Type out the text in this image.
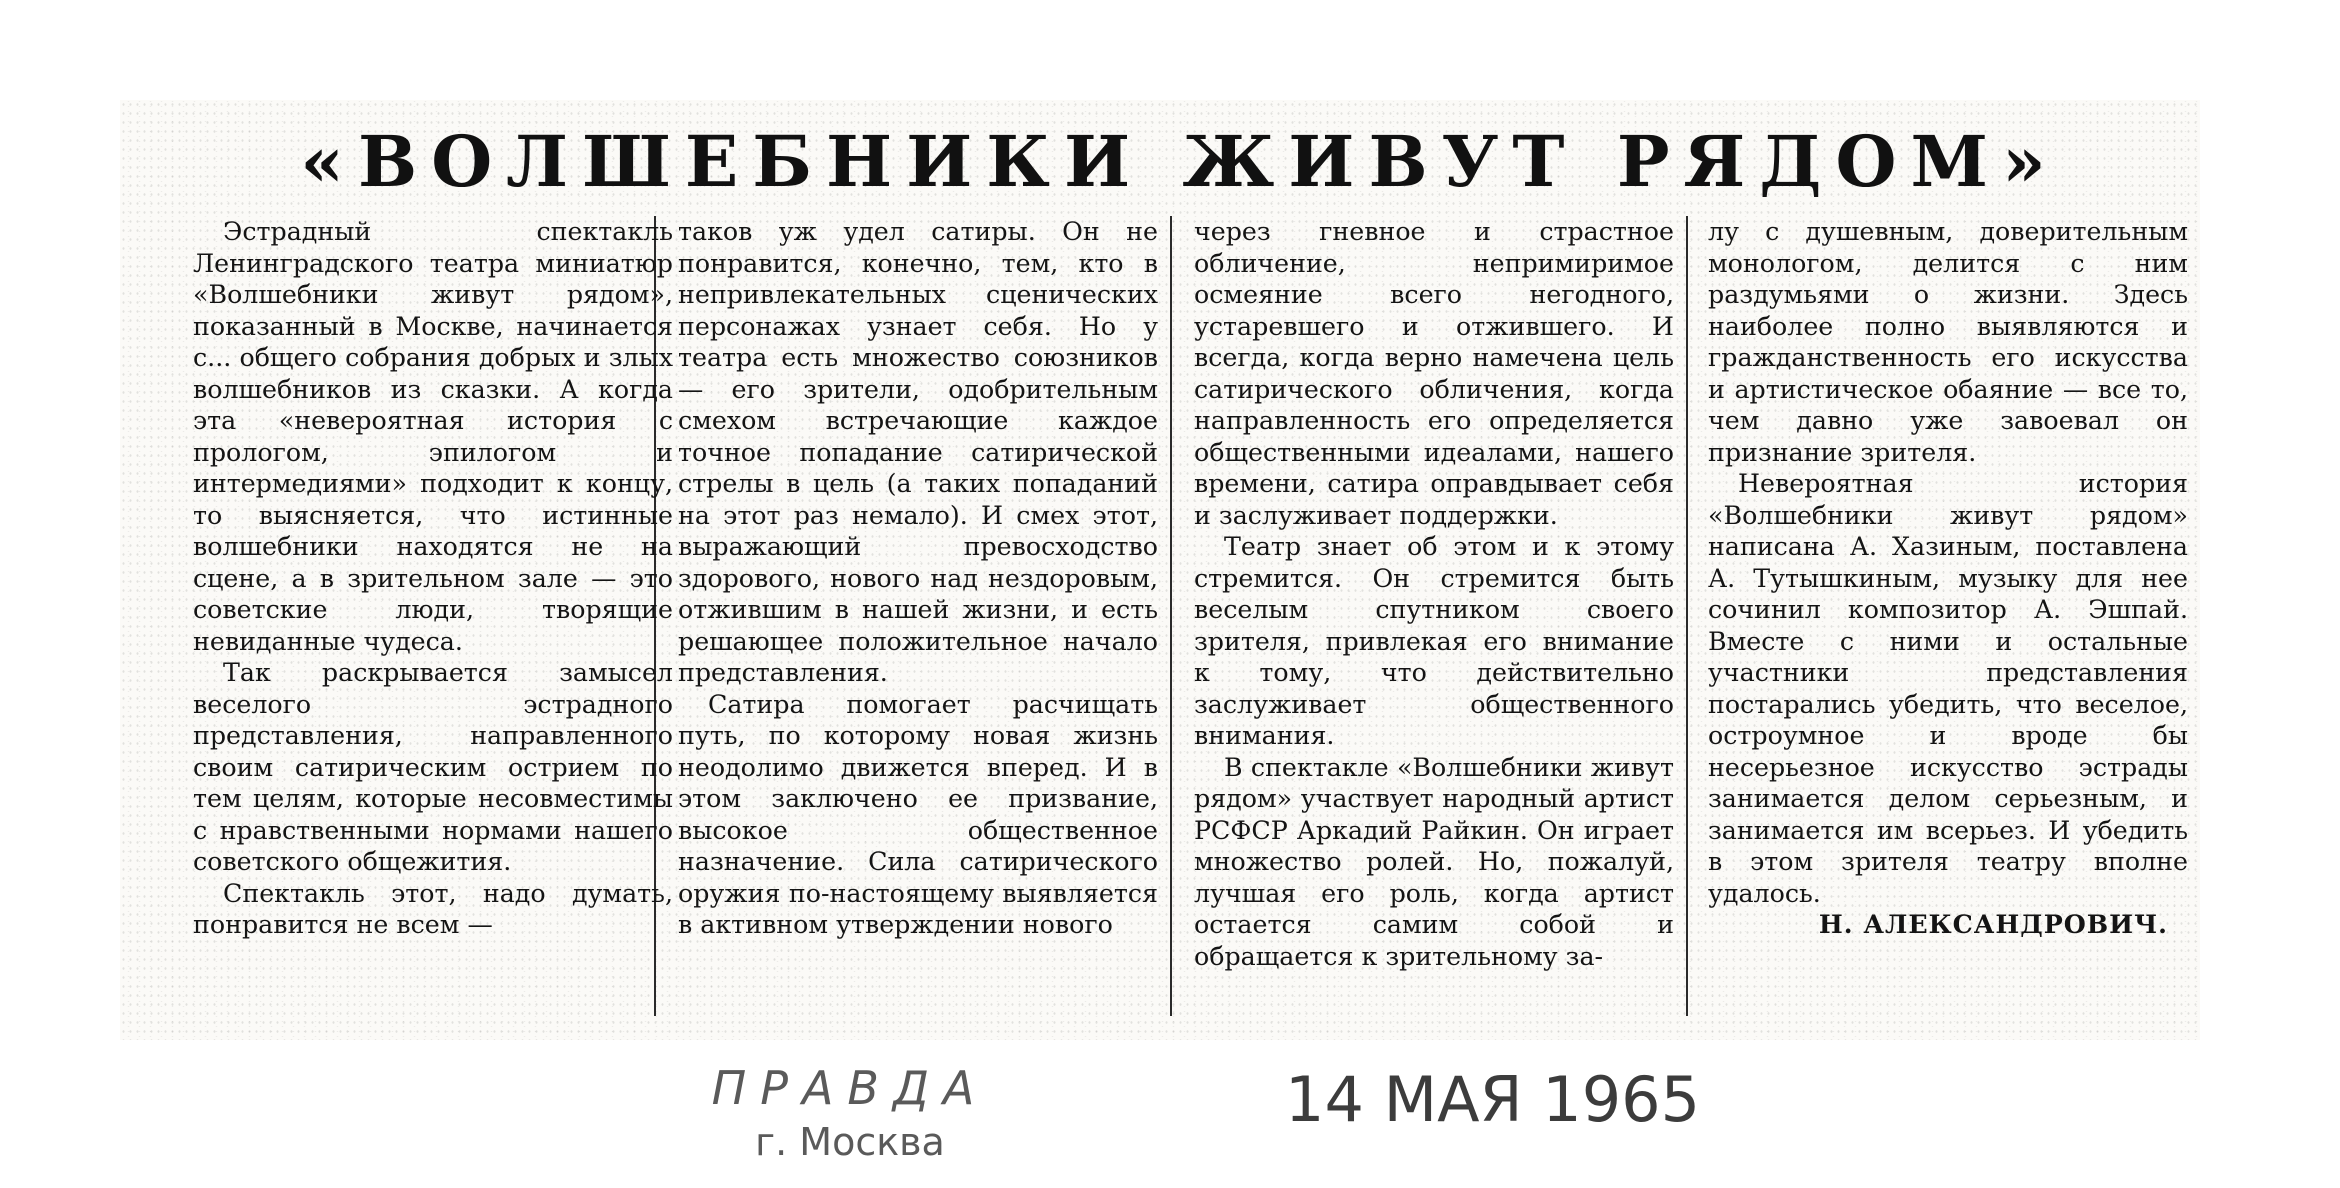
«ВОЛШЕБНИКИ ЖИВУТ РЯДОМ»

Эстрадный спектакль Ленинградского театра миниатюр «Волшебники живут рядом», показанный в Москве, начинается с... общего собрания добрых и злых волшебников из сказки. А когда эта «невероятная история с прологом, эпилогом и интермедиями» подходит к концу, то выясняется, что истинные волшебники находятся не на сцене, а в зрительном зале — это советские люди, творящие невиданные чудеса.

Так раскрывается замысел веселого эстрадного представления, направленного своим сатирическим острием по тем целям, которые несовместимы с нравственными нормами нашего советского общежития.

Спектакль этот, надо думать, понравится не всем —

таков уж удел сатиры. Он не понравится, конечно, тем, кто в непривлекательных сценических персонажах узнает себя. Но у театра есть множество союзников — его зрители, одобрительным смехом встречающие каждое точное попадание сатирической стрелы в цель (а таких попаданий на этот раз немало). И смех этот, выражающий превосходство здорового, нового над нездоровым, отжившим в нашей жизни, и есть решающее положительное начало представления.

Сатира помогает расчищать путь, по которому новая жизнь неодолимо движется вперед. И в этом заключено ее призвание, высокое общественное назначение. Сила сатирического оружия по-настоящему выявляется в активном утверждении нового

через гневное и страстное обличение, непримиримое осмеяние всего негодного, устаревшего и отжившего. И всегда, когда верно намечена цель сатирического обличения, когда направленность его определяется общественными идеалами, нашего времени, сатира оправдывает себя и заслуживает поддержки.

Театр знает об этом и к этому стремится. Он стремится быть веселым спутником своего зрителя, привлекая его внимание к тому, что действительно заслуживает общественного внимания.

В спектакле «Волшебники живут рядом» участвует народный артист РСФСР Аркадий Райкин. Он играет множество ролей. Но, пожалуй, лучшая его роль, когда артист остается самим собой и обращается к зрительному за-

лу с душевным, доверительным монологом, делится с ним раздумьями о жизни. Здесь наиболее полно выявляются и гражданственность его искусства и артистическое обаяние — все то, чем давно уже завоевал он признание зрителя.

Невероятная история «Волшебники живут рядом» написана А. Хазиным, поставлена А. Тутышкиным, музыку для нее сочинил композитор А. Эшпай. Вместе с ними и остальные участники представления постарались убедить, что веселое, остроумное и вроде бы несерьезное искусство эстрады занимается делом серьезным, и занимается им всерьез. И убедить в этом зрителя театру вполне удалось.

Н. АЛЕКСАНДРОВИЧ.

ПРАВДА
г. Москва
14 МАЯ 1965
